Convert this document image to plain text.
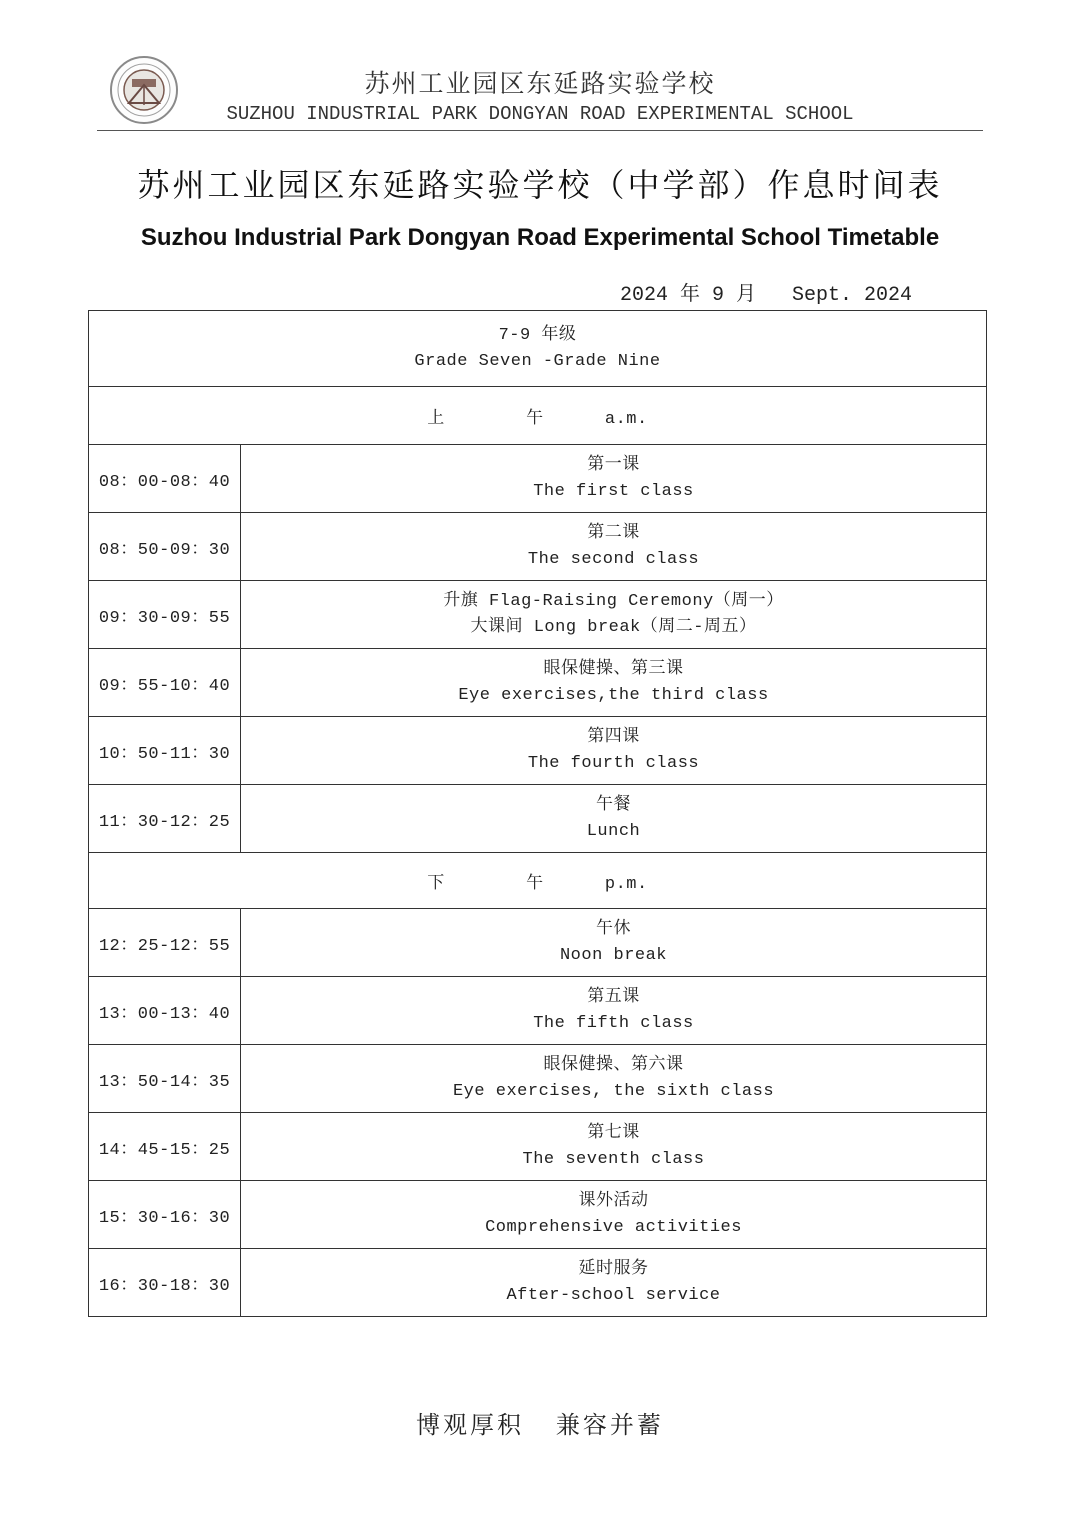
苏州工业园区东延路实验学校
SUZHOU INDUSTRIAL PARK DONGYAN ROAD EXPERIMENTAL SCHOOL
苏州工业园区东延路实验学校（中学部）作息时间表
Suzhou Industrial Park Dongyan Road Experimental School Timetable
2024 年 9 月   Sept. 2024
7-9 年级
Grade Seven -Grade Nine	

上 午 a.m.	
08：00-08：40	第一课
The first class

08：50-09：30	第二课
The second class

09：30-09：55	升旗 Flag-Raising Ceremony（周一）
大课间 Long break（周二-周五）

09：55-10：40	眼保健操、第三课
Eye exercises,the third class

10：50-11：30	第四课
The fourth class

11：30-12：25	午餐
Lunch

下 午 p.m.	
12：25-12：55	午休
Noon break

13：00-13：40	第五课
The fifth class

13：50-14：35	眼保健操、第六课
Eye exercises, the sixth class

14：45-15：25	第七课
The seventh class

15：30-16：30	课外活动
Comprehensive activities

16：30-18：30	延时服务
After-school service
博观厚积   兼容并蓄
